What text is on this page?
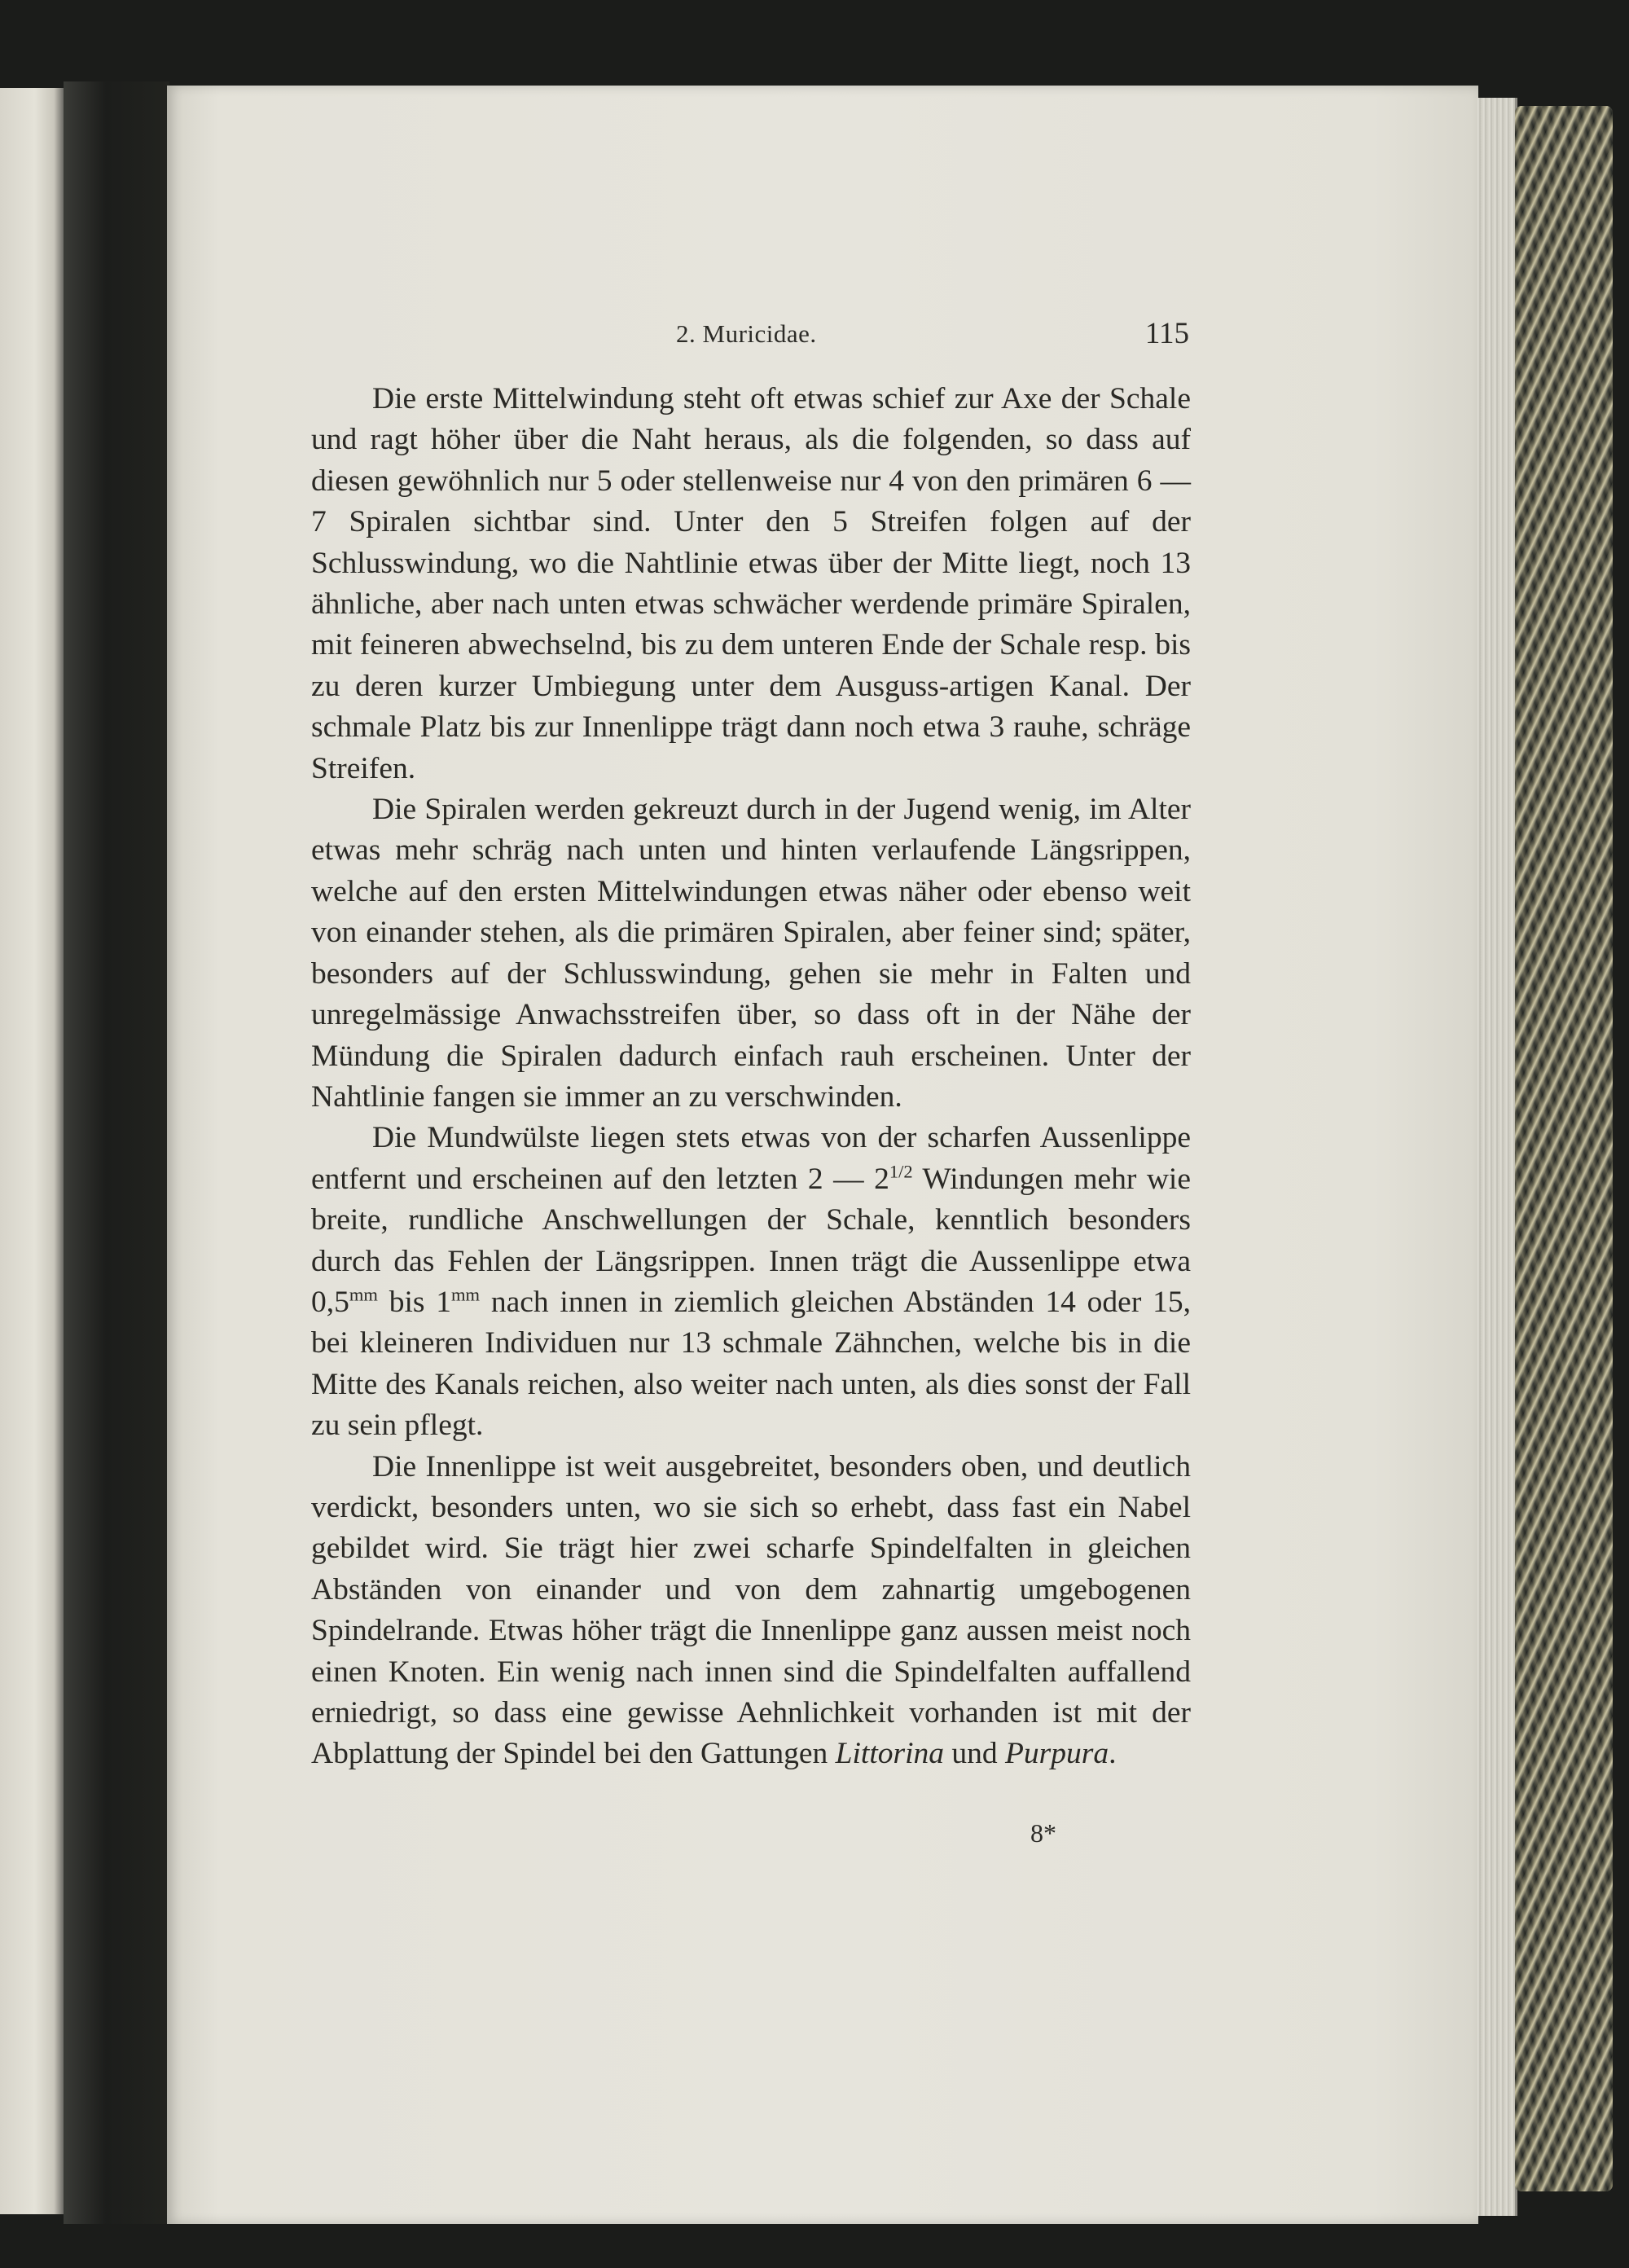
2. Muricidae.	115

Die erste Mittelwindung steht oft etwas schief zur Axe der Schale und ragt höher über die Naht heraus, als die folgenden, so dass auf diesen gewöhnlich nur 5 oder stellenweise nur 4 von den primären 6 — 7 Spiralen sichtbar sind. Unter den 5 Streifen folgen auf der Schlusswindung, wo die Nahtlinie etwas über der Mitte liegt, noch 13 ähnliche, aber nach unten etwas schwächer werdende primäre Spiralen, mit feineren abwechselnd, bis zu dem unteren Ende der Schale resp. bis zu deren kurzer Umbiegung unter dem Ausguss-artigen Kanal. Der schmale Platz bis zur Innenlippe trägt dann noch etwa 3 rauhe, schräge Streifen.

Die Spiralen werden gekreuzt durch in der Jugend wenig, im Alter etwas mehr schräg nach unten und hinten verlaufende Längsrippen, welche auf den ersten Mittelwindungen etwas näher oder ebenso weit von einander stehen, als die primären Spiralen, aber feiner sind; später, besonders auf der Schlusswindung, gehen sie mehr in Falten und unregelmässige Anwachsstreifen über, so dass oft in der Nähe der Mündung die Spiralen dadurch einfach rauh erscheinen. Unter der Nahtlinie fangen sie immer an zu verschwinden.

Die Mundwülste liegen stets etwas von der scharfen Aussenlippe entfernt und erscheinen auf den letzten 2 — $2^{1/2}$ Windungen mehr wie breite, rundliche Anschwellungen der Schale, kenntlich besonders durch das Fehlen der Längsrippen. Innen trägt die Aussenlippe etwa $0,5^{mm}$ bis $1^{mm}$ nach innen in ziemlich gleichen Abständen 14 oder 15, bei kleineren Individuen nur 13 schmale Zähnchen, welche bis in die Mitte des Kanals reichen, also weiter nach unten, als dies sonst der Fall zu sein pflegt.

Die Innenlippe ist weit ausgebreitet, besonders oben, und deutlich verdickt, besonders unten, wo sie sich so erhebt, dass fast ein Nabel gebildet wird. Sie trägt hier zwei scharfe Spindelfalten in gleichen Abständen von einander und von dem zahnartig umgebogenen Spindelrande. Etwas höher trägt die Innenlippe ganz aussen meist noch einen Knoten. Ein wenig nach innen sind die Spindelfalten auffallend erniedrigt, so dass eine gewisse Aehnlichkeit vorhanden ist mit der Abplattung der Spindel bei den Gattungen Littorina und Purpura.

8*
